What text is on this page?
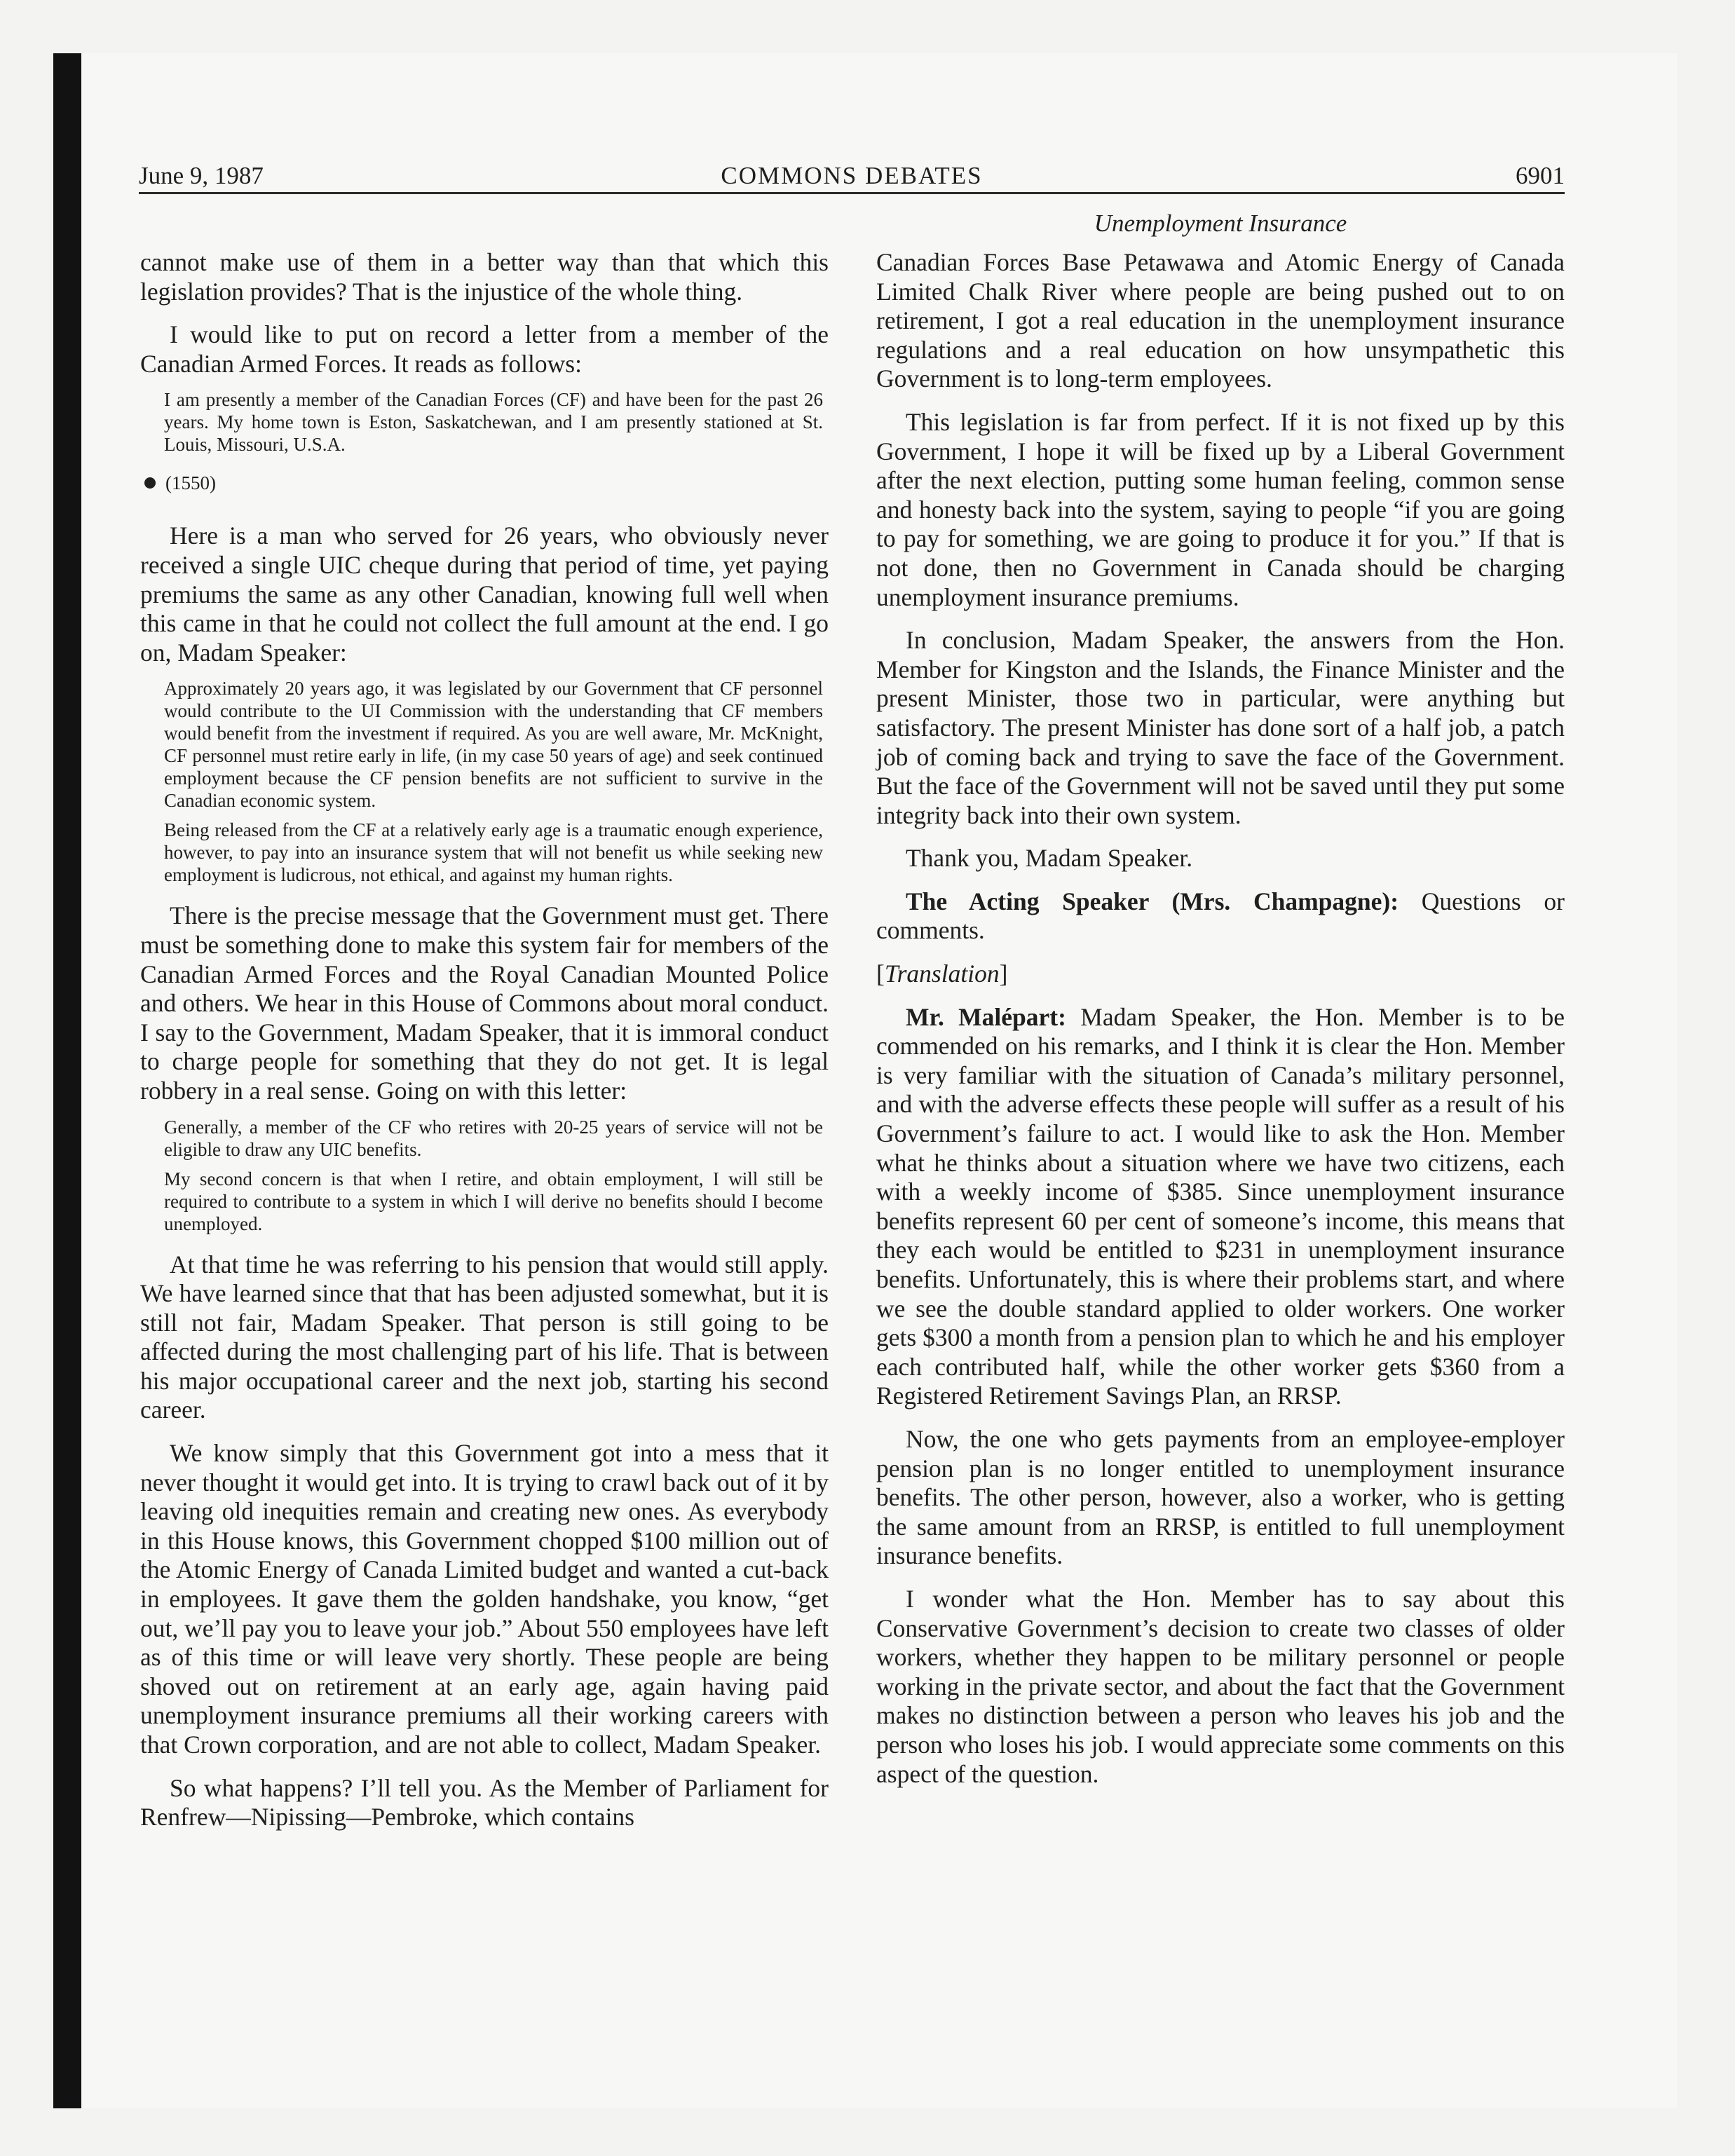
June 9, 1987	COMMONS DEBATES	6901
Unemployment Insurance

cannot make use of them in a better way than that which this legislation provides? That is the injustice of the whole thing.

I would like to put on record a letter from a member of the Canadian Armed Forces. It reads as follows:

I am presently a member of the Canadian Forces (CF) and have been for the past 26 years. My home town is Eston, Saskatchewan, and I am presently stationed at St. Louis, Missouri, U.S.A.

(1550)

Here is a man who served for 26 years, who obviously never received a single UIC cheque during that period of time, yet paying premiums the same as any other Canadian, knowing full well when this came in that he could not collect the full amount at the end. I go on, Madam Speaker:

Approximately 20 years ago, it was legislated by our Government that CF personnel would contribute to the UI Commission with the understanding that CF members would benefit from the investment if required. As you are well aware, Mr. McKnight, CF personnel must retire early in life, (in my case 50 years of age) and seek continued employment because the CF pension benefits are not sufficient to survive in the Canadian economic system.

Being released from the CF at a relatively early age is a traumatic enough experience, however, to pay into an insurance system that will not benefit us while seeking new employment is ludicrous, not ethical, and against my human rights.

There is the precise message that the Government must get. There must be something done to make this system fair for members of the Canadian Armed Forces and the Royal Canadian Mounted Police and others. We hear in this House of Commons about moral conduct. I say to the Government, Madam Speaker, that it is immoral conduct to charge people for something that they do not get. It is legal robbery in a real sense. Going on with this letter:

Generally, a member of the CF who retires with 20-25 years of service will not be eligible to draw any UIC benefits.

My second concern is that when I retire, and obtain employment, I will still be required to contribute to a system in which I will derive no benefits should I become unemployed.

At that time he was referring to his pension that would still apply. We have learned since that that has been adjusted somewhat, but it is still not fair, Madam Speaker. That person is still going to be affected during the most challenging part of his life. That is between his major occupational career and the next job, starting his second career.

We know simply that this Government got into a mess that it never thought it would get into. It is trying to crawl back out of it by leaving old inequities remain and creating new ones. As everybody in this House knows, this Government chopped $100 million out of the Atomic Energy of Canada Limited budget and wanted a cut-back in employees. It gave them the golden handshake, you know, “get out, we’ll pay you to leave your job.” About 550 employees have left as of this time or will leave very shortly. These people are being shoved out on retirement at an early age, again having paid unemployment insurance premiums all their working careers with that Crown corporation, and are not able to collect, Madam Speaker.

So what happens? I’ll tell you. As the Member of Parliament for Renfrew—Nipissing—Pembroke, which contains

Canadian Forces Base Petawawa and Atomic Energy of Canada Limited Chalk River where people are being pushed out to on retirement, I got a real education in the unemployment insurance regulations and a real education on how unsympathetic this Government is to long-term employees.

This legislation is far from perfect. If it is not fixed up by this Government, I hope it will be fixed up by a Liberal Government after the next election, putting some human feeling, common sense and honesty back into the system, saying to people “if you are going to pay for something, we are going to produce it for you.” If that is not done, then no Government in Canada should be charging unemployment insurance premiums.

In conclusion, Madam Speaker, the answers from the Hon. Member for Kingston and the Islands, the Finance Minister and the present Minister, those two in particular, were anything but satisfactory. The present Minister has done sort of a half job, a patch job of coming back and trying to save the face of the Government. But the face of the Government will not be saved until they put some integrity back into their own system.

Thank you, Madam Speaker.

The Acting Speaker (Mrs. Champagne): Questions or comments.

[Translation]

Mr. Malépart: Madam Speaker, the Hon. Member is to be commended on his remarks, and I think it is clear the Hon. Member is very familiar with the situation of Canada’s military personnel, and with the adverse effects these people will suffer as a result of his Government’s failure to act. I would like to ask the Hon. Member what he thinks about a situation where we have two citizens, each with a weekly income of $385. Since unemployment insurance benefits represent 60 per cent of someone’s income, this means that they each would be entitled to $231 in unemployment insurance benefits. Unfortunately, this is where their problems start, and where we see the double standard applied to older workers. One worker gets $300 a month from a pension plan to which he and his employer each contributed half, while the other worker gets $360 from a Registered Retirement Savings Plan, an RRSP.

Now, the one who gets payments from an employee-employer pension plan is no longer entitled to unemployment insurance benefits. The other person, however, also a worker, who is getting the same amount from an RRSP, is entitled to full unemployment insurance benefits.

I wonder what the Hon. Member has to say about this Conservative Government’s decision to create two classes of older workers, whether they happen to be military personnel or people working in the private sector, and about the fact that the Government makes no distinction between a person who leaves his job and the person who loses his job. I would appreciate some comments on this aspect of the question.
